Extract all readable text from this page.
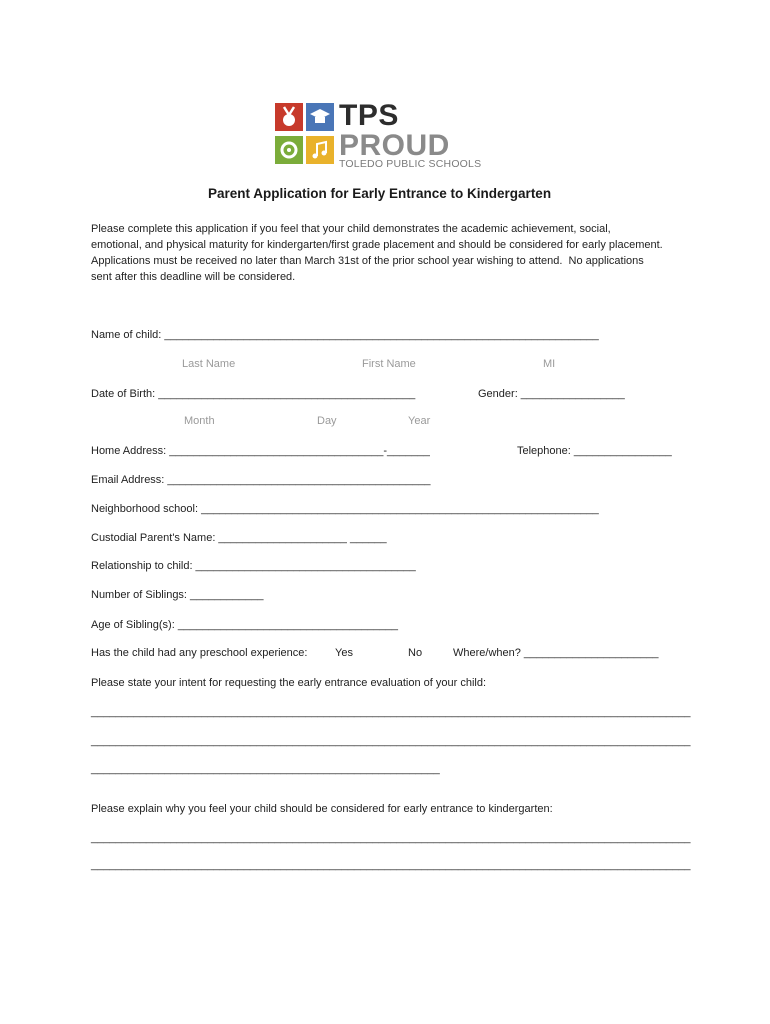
TPS
PROUD
TOLEDO PUBLIC SCHOOLS
Parent Application for Early Entrance to Kindergarten
Please complete this application if you feel that your child demonstrates the academic achievement, social,
emotional, and physical maturity for kindergarten/first grade placement and should be considered for early placement.
Applications must be received no later than March 31st of the prior school year wishing to attend.  No applications
sent after this deadline will be considered.
Name of child: _______________________________________________________________________
Last Name	First Name	MI
Date of Birth: __________________________________________	Gender: _________________
Month	Day	Year
Home Address: ___________________________________-_______	Telephone: ________________
Email Address: ___________________________________________
Neighborhood school: _________________________________________________________________
Custodial Parent's Name: _____________________ ______
Relationship to child: ____________________________________
Number of Siblings: ____________
Age of Sibling(s): ____________________________________
Has the child had any preschool experience:	Yes	No	Where/when? ______________________
Please state your intent for requesting the early entrance evaluation of your child:
__________________________________________________________________________________________________
__________________________________________________________________________________________________
_________________________________________________________
Please explain why you feel your child should be considered for early entrance to kindergarten:
__________________________________________________________________________________________________
__________________________________________________________________________________________________
